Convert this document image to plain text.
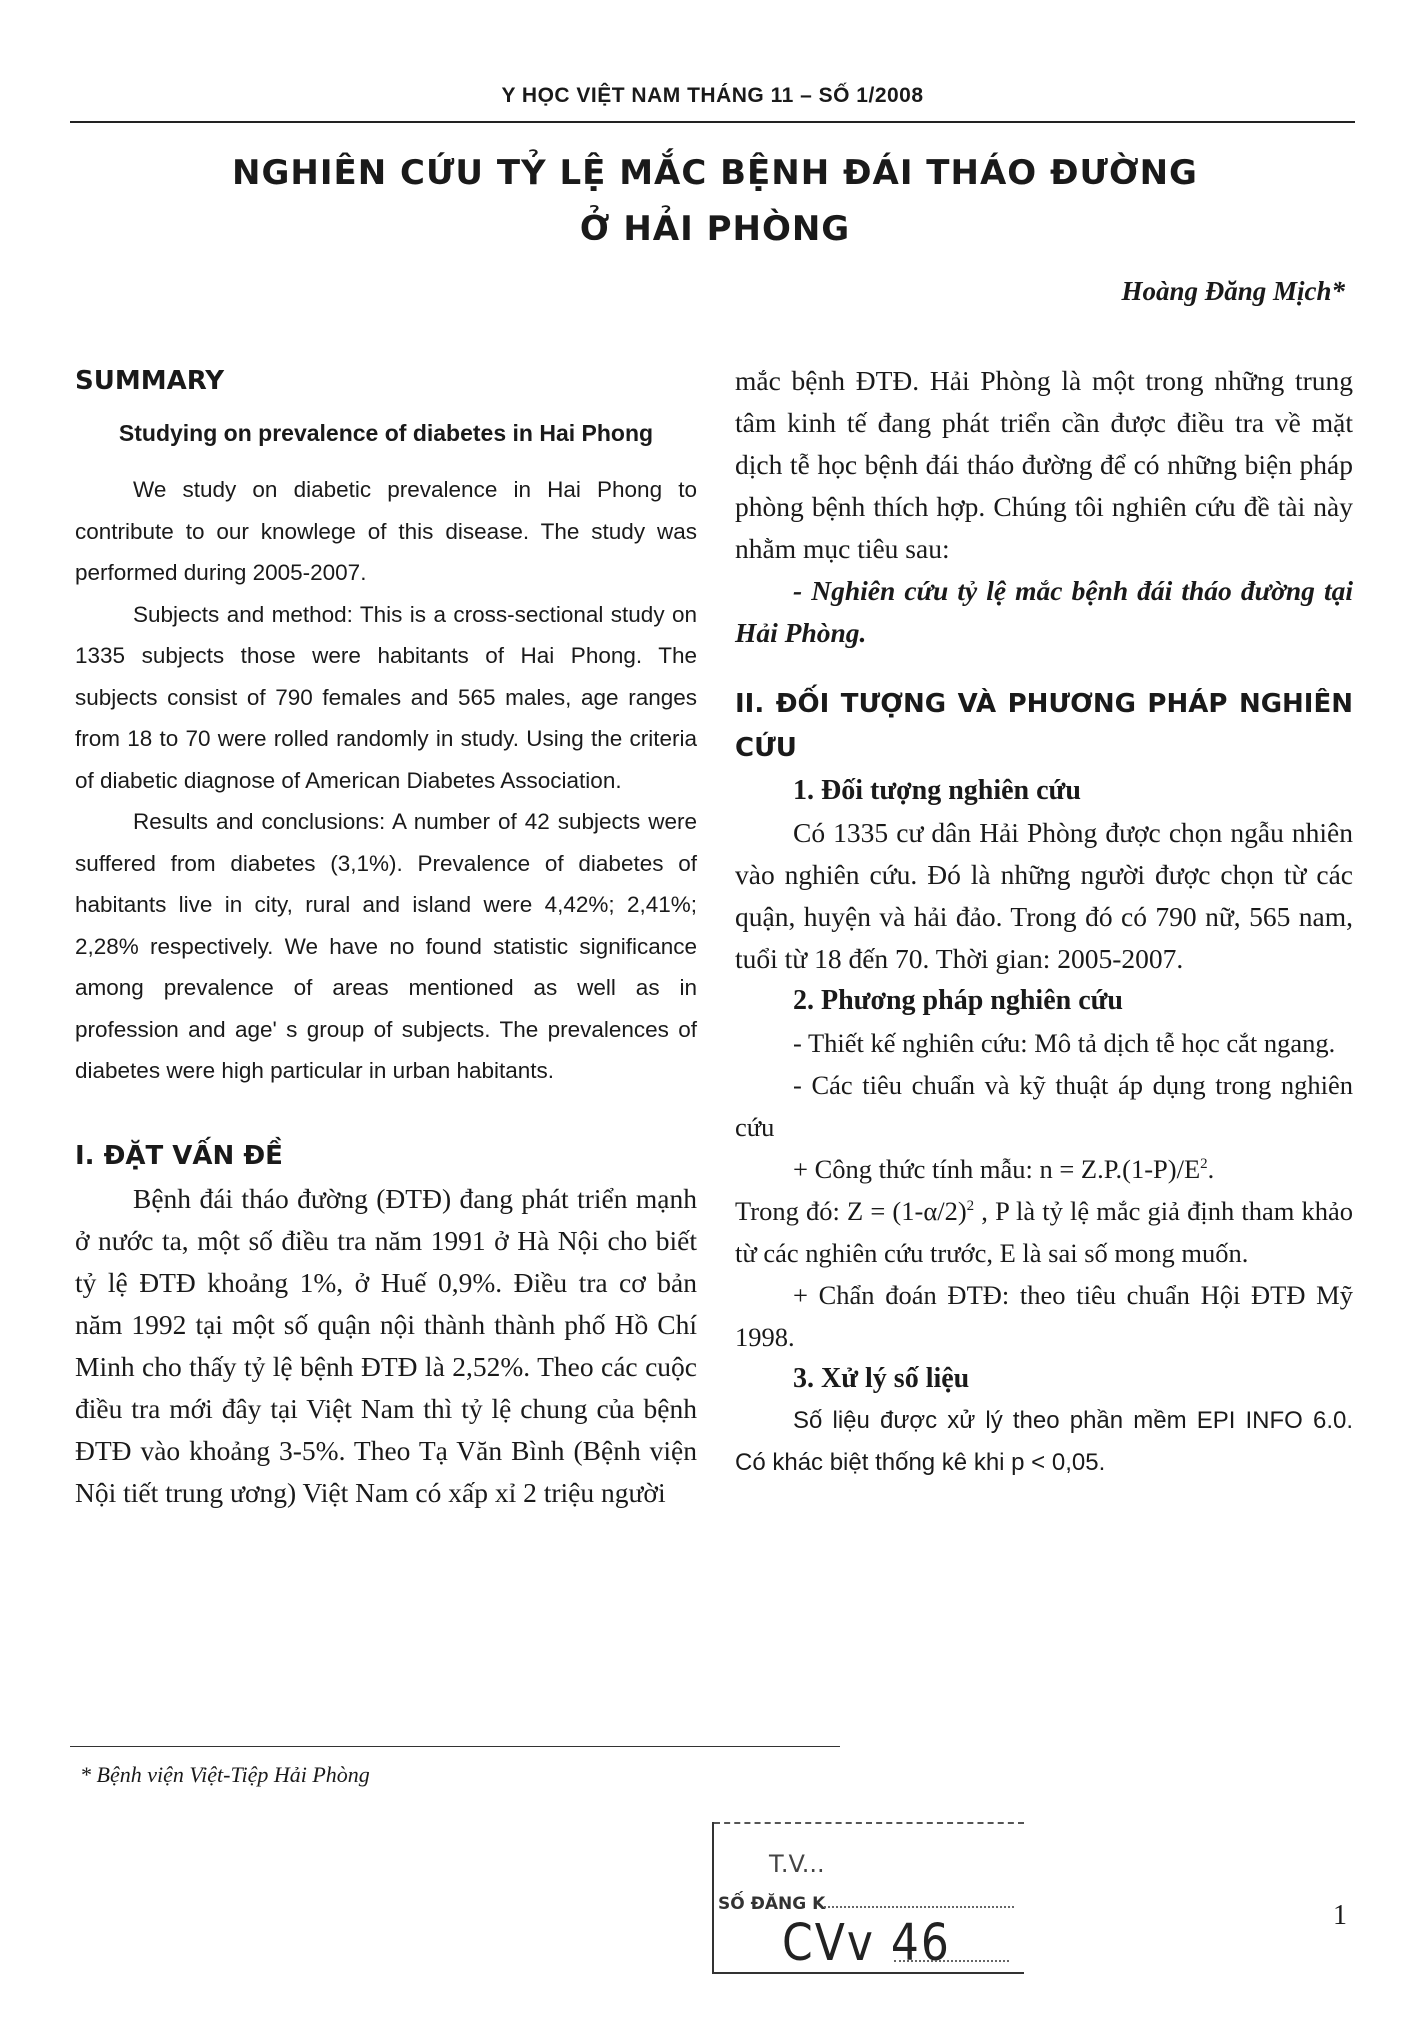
Y HỌC VIỆT NAM THÁNG 11 – SỐ 1/2008
NGHIÊN CỨU TỶ LỆ MẮC BỆNH ĐÁI THÁO ĐƯỜNG
Ở HẢI PHÒNG
Hoàng Đăng Mịch*
SUMMARY
Studying on prevalence of diabetes in Hai Phong

We study on diabetic prevalence in Hai Phong to contribute to our knowlege of this disease. The study was performed during 2005-2007.

Subjects and method: This is a cross-sectional study on 1335 subjects those were habitants of Hai Phong. The subjects consist of 790 females and 565 males, age ranges from 18 to 70 were rolled randomly in study. Using the criteria of diabetic diagnose of American Diabetes Association.

Results and conclusions: A number of 42 subjects were suffered from diabetes (3,1%). Prevalence of diabetes of habitants live in city, rural and island were 4,42%; 2,41%; 2,28% respectively. We have no found statistic significance among prevalence of areas mentioned as well as in profession and age' s group of subjects. The prevalences of diabetes were high particular in urban habitants.

I. ĐẶT VẤN ĐỀ

Bệnh đái tháo đường (ĐTĐ) đang phát triển mạnh ở nước ta, một số điều tra năm 1991 ở Hà Nội cho biết tỷ lệ ĐTĐ khoảng 1%, ở Huế 0,9%. Điều tra cơ bản năm 1992 tại một số quận nội thành thành phố Hồ Chí Minh cho thấy tỷ lệ bệnh ĐTĐ là 2,52%. Theo các cuộc điều tra mới đây tại Việt Nam thì tỷ lệ chung của bệnh ĐTĐ vào khoảng 3-5%. Theo Tạ Văn Bình (Bệnh viện Nội tiết trung ương) Việt Nam có xấp xỉ 2 triệu người

mắc bệnh ĐTĐ. Hải Phòng là một trong những trung tâm kinh tế đang phát triển cần được điều tra về mặt dịch tễ học bệnh đái tháo đường để có những biện pháp phòng bệnh thích hợp. Chúng tôi nghiên cứu đề tài này nhằm mục tiêu sau:

- Nghiên cứu tỷ lệ mắc bệnh đái tháo đường tại Hải Phòng.

II. ĐỐI TƯỢNG VÀ PHƯƠNG PHÁP NGHIÊN CỨU
1. Đối tượng nghiên cứu

Có 1335 cư dân Hải Phòng được chọn ngẫu nhiên vào nghiên cứu. Đó là những người được chọn từ các quận, huyện và hải đảo. Trong đó có 790 nữ, 565 nam, tuổi từ 18 đến 70. Thời gian: 2005-2007.

2. Phương pháp nghiên cứu

- Thiết kế nghiên cứu: Mô tả dịch tễ học cắt ngang.

- Các tiêu chuẩn và kỹ thuật áp dụng trong nghiên cứu

+ Công thức tính mẫu: $n = Z.P.(1-P)/E^2$.

Trong đó: $Z = (1-\alpha/2)^2$ , P là tỷ lệ mắc giả định tham khảo từ các nghiên cứu trước, E là sai số mong muốn.

+ Chẩn đoán ĐTĐ: theo tiêu chuẩn Hội ĐTĐ Mỹ 1998.

3. Xử lý số liệu

Số liệu được xử lý theo phần mềm EPI INFO 6.0. Có khác biệt thống kê khi p < 0,05.

* Bệnh viện Việt-Tiệp Hải Phòng
T.V...
SỐ ĐĂNG K
CVv 46	1
